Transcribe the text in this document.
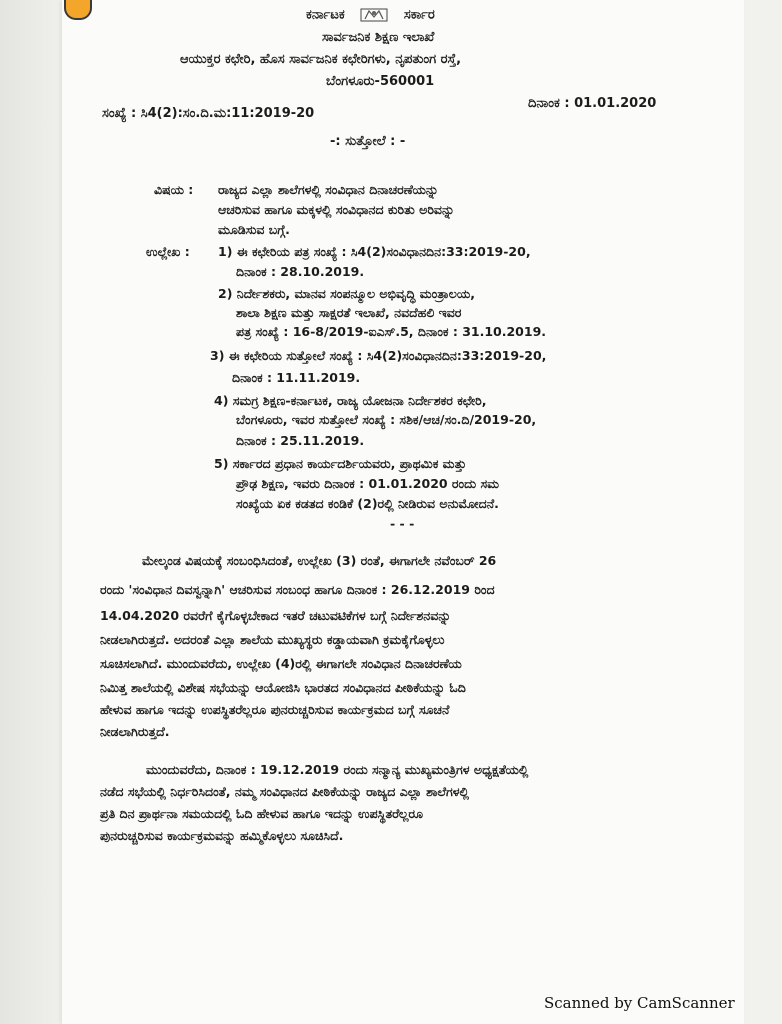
ಕರ್ನಾಟಕ	ಸರ್ಕಾರ
ಸಾರ್ವಜನಿಕ ಶಿಕ್ಷಣ ಇಲಾಖೆ
ಆಯುಕ್ತರ ಕಛೇರಿ, ಹೊಸ ಸಾರ್ವಜನಿಕ ಕಛೇರಿಗಳು, ನೃಪತುಂಗ ರಸ್ತೆ,
ಬೆಂಗಳೂರು-560001
ಸಂಖ್ಯೆ : ಸಿ4(2):ಸಂ.ದಿ.ಮ:11:2019-20
ದಿನಾಂಕ : 01.01.2020
-: ಸುತ್ತೋಲೆ : -
ವಿಷಯ : ರಾಜ್ಯದ ಎಲ್ಲಾ ಶಾಲೆಗಳಲ್ಲಿ ಸಂವಿಧಾನ ದಿನಾಚರಣೆಯನ್ನು
ಆಚರಿಸುವ ಹಾಗೂ ಮಕ್ಕಳಲ್ಲಿ ಸಂವಿಧಾನದ ಕುರಿತು ಅರಿವನ್ನು
ಮೂಡಿಸುವ ಬಗ್ಗೆ.
ಉಲ್ಲೇಖ : 1) ಈ ಕಛೇರಿಯ ಪತ್ರ ಸಂಖ್ಯೆ : ಸಿ4(2)ಸಂವಿಧಾನದಿನ:33:2019-20,
ದಿನಾಂಕ : 28.10.2019.
2) ನಿರ್ದೇಶಕರು, ಮಾನವ ಸಂಪನ್ಮೂಲ ಅಭಿವೃದ್ಧಿ ಮಂತ್ರಾಲಯ,
ಶಾಲಾ ಶಿಕ್ಷಣ ಮತ್ತು ಸಾಕ್ಷರತೆ ಇಲಾಖೆ, ನವದೆಹಲಿ ಇವರ
ಪತ್ರ ಸಂಖ್ಯೆ : 16-8/2019-ಐಎಸ್.5, ದಿನಾಂಕ : 31.10.2019.
3) ಈ ಕಛೇರಿಯ ಸುತ್ತೋಲೆ ಸಂಖ್ಯೆ : ಸಿ4(2)ಸಂವಿಧಾನದಿನ:33:2019-20,
ದಿನಾಂಕ : 11.11.2019.
4) ಸಮಗ್ರ ಶಿಕ್ಷಣ-ಕರ್ನಾಟಕ, ರಾಜ್ಯ ಯೋಜನಾ ನಿರ್ದೇಶಕರ ಕಛೇರಿ,
ಬೆಂಗಳೂರು, ಇವರ ಸುತ್ತೋಲೆ ಸಂಖ್ಯೆ : ಸಶಿಕ/ಆಚ/ಸಂ.ದಿ/2019-20,
ದಿನಾಂಕ : 25.11.2019.
5) ಸರ್ಕಾರದ ಪ್ರಧಾನ ಕಾರ್ಯದರ್ಶಿಯವರು, ಪ್ರಾಥಮಿಕ ಮತ್ತು
ಪ್ರೌಢ ಶಿಕ್ಷಣ, ಇವರು ದಿನಾಂಕ : 01.01.2020 ರಂದು ಸಮ
ಸಂಖ್ಯೆಯ ಏಕ ಕಡತದ ಕಂಡಿಕೆ (2)ರಲ್ಲಿ ನೀಡಿರುವ ಅನುಮೋದನೆ.
- - -
ಮೇಲ್ಕಂಡ ವಿಷಯಕ್ಕೆ ಸಂಬಂಧಿಸಿದಂತೆ, ಉಲ್ಲೇಖ (3) ರಂತೆ, ಈಗಾಗಲೇ ನವೆಂಬರ್ 26
ರಂದು 'ಸಂವಿಧಾನ ದಿವಸ್ವನ್ನಾಗಿ' ಆಚರಿಸುವ ಸಂಬಂಧ ಹಾಗೂ ದಿನಾಂಕ : 26.12.2019 ರಿಂದ
14.04.2020 ರವರೆಗೆ ಕೈಗೊಳ್ಳಬೇಕಾದ ಇತರೆ ಚಟುವಟಿಕೆಗಳ ಬಗ್ಗೆ ನಿರ್ದೇಶನವನ್ನು
ನೀಡಲಾಗಿರುತ್ತದೆ. ಅದರಂತೆ ಎಲ್ಲಾ ಶಾಲೆಯ ಮುಖ್ಯಸ್ಥರು ಕಡ್ಡಾಯವಾಗಿ ಕ್ರಮಕೈಗೊಳ್ಳಲು
ಸೂಚಿಸಲಾಗಿದೆ. ಮುಂದುವರೆದು, ಉಲ್ಲೇಖ (4)ರಲ್ಲಿ ಈಗಾಗಲೇ ಸಂವಿಧಾನ ದಿನಾಚರಣೆಯ
ನಿಮಿತ್ತ ಶಾಲೆಯಲ್ಲಿ ವಿಶೇಷ ಸಭೆಯನ್ನು ಆಯೋಜಿಸಿ ಭಾರತದ ಸಂವಿಧಾನದ ಪೀಠಿಕೆಯನ್ನು ಓದಿ
ಹೇಳುವ ಹಾಗೂ ಇದನ್ನು ಉಪಸ್ಥಿತರೆಲ್ಲರೂ ಪುನರುಚ್ಚರಿಸುವ ಕಾರ್ಯಕ್ರಮದ ಬಗ್ಗೆ ಸೂಚನೆ
ನೀಡಲಾಗಿರುತ್ತದೆ.
ಮುಂದುವರೆದು, ದಿನಾಂಕ : 19.12.2019 ರಂದು ಸನ್ಮಾನ್ಯ ಮುಖ್ಯಮಂತ್ರಿಗಳ ಅಧ್ಯಕ್ಷತೆಯಲ್ಲಿ
ನಡೆದ ಸಭೆಯಲ್ಲಿ ನಿರ್ಧರಿಸಿದಂತೆ, ನಮ್ಮ ಸಂವಿಧಾನದ ಪೀಠಿಕೆಯನ್ನು ರಾಜ್ಯದ ಎಲ್ಲಾ ಶಾಲೆಗಳಲ್ಲಿ
ಪ್ರತಿ ದಿನ ಪ್ರಾರ್ಥನಾ ಸಮಯದಲ್ಲಿ ಓದಿ ಹೇಳುವ ಹಾಗೂ ಇದನ್ನು ಉಪಸ್ಥಿತರೆಲ್ಲರೂ
ಪುನರುಚ್ಚರಿಸುವ ಕಾರ್ಯಕ್ರಮವನ್ನು ಹಮ್ಮಿಕೊಳ್ಳಲು ಸೂಚಿಸಿದೆ.
Scanned by CamScanner
